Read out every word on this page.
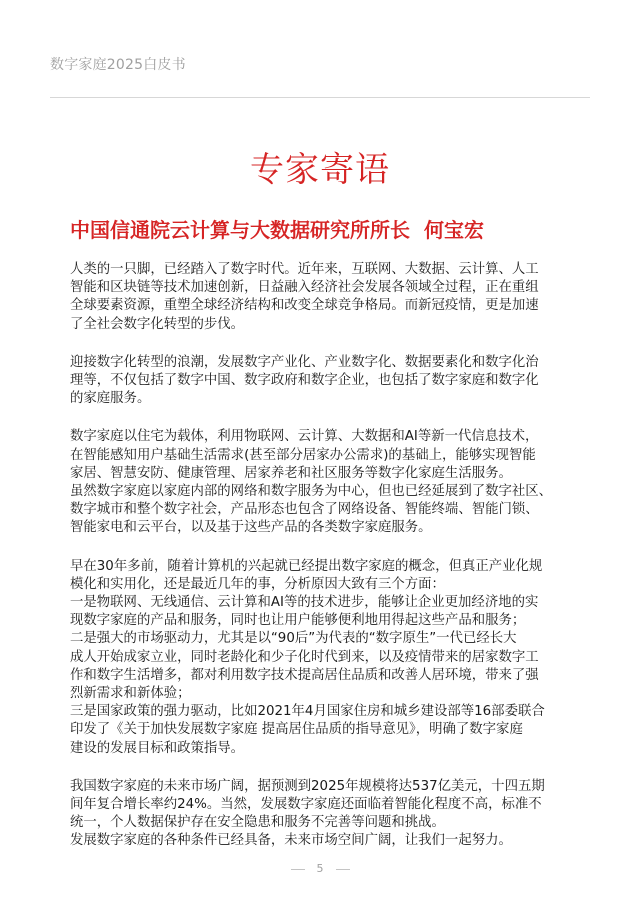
数字家庭2025白皮书
专家寄语
中国信通院云计算与大数据研究所所长 何宝宏

人类的一只脚，已经踏入了数字时代。近年来，互联网、大数据、云计算、人工
智能和区块链等技术加速创新，日益融入经济社会发展各领域全过程，正在重组
全球要素资源，重塑全球经济结构和改变全球竞争格局。而新冠疫情，更是加速
了全社会数字化转型的步伐。

迎接数字化转型的浪潮，发展数字产业化、产业数字化、数据要素化和数字化治
理等，不仅包括了数字中国、数字政府和数字企业，也包括了数字家庭和数字化
的家庭服务。

数字家庭以住宅为载体，利用物联网、云计算、大数据和AI等新一代信息技术，
在智能感知用户基础生活需求(甚至部分居家办公需求)的基础上，能够实现智能
家居、智慧安防、健康管理、居家养老和社区服务等数字化家庭生活服务。
虽然数字家庭以家庭内部的网络和数字服务为中心，但也已经延展到了数字社区、
数字城市和整个数字社会，产品形态也包含了网络设备、智能终端、智能门锁、
智能家电和云平台，以及基于这些产品的各类数字家庭服务。

早在30年多前，随着计算机的兴起就已经提出数字家庭的概念，但真正产业化规
模化和实用化，还是最近几年的事，分析原因大致有三个方面：
一是物联网、无线通信、云计算和AI等的技术进步，能够让企业更加经济地的实
现数字家庭的产品和服务，同时也让用户能够便利地用得起这些产品和服务；
二是强大的市场驱动力，尤其是以“90后”为代表的“数字原生”一代已经长大
成人开始成家立业，同时老龄化和少子化时代到来，以及疫情带来的居家数字工
作和数字生活增多，都对利用数字技术提高居住品质和改善人居环境，带来了强
烈新需求和新体验；
三是国家政策的强力驱动，比如2021年4月国家住房和城乡建设部等16部委联合
印发了《关于加快发展数字家庭 提高居住品质的指导意见》，明确了数字家庭
建设的发展目标和政策指导。

我国数字家庭的未来市场广阔，据预测到2025年规模将达537亿美元，十四五期
间年复合增长率约24%。当然，发展数字家庭还面临着智能化程度不高，标准不
统一，个人数据保护存在安全隐患和服务不完善等问题和挑战。
发展数字家庭的各种条件已经具备，未来市场空间广阔，让我们一起努力。

5
